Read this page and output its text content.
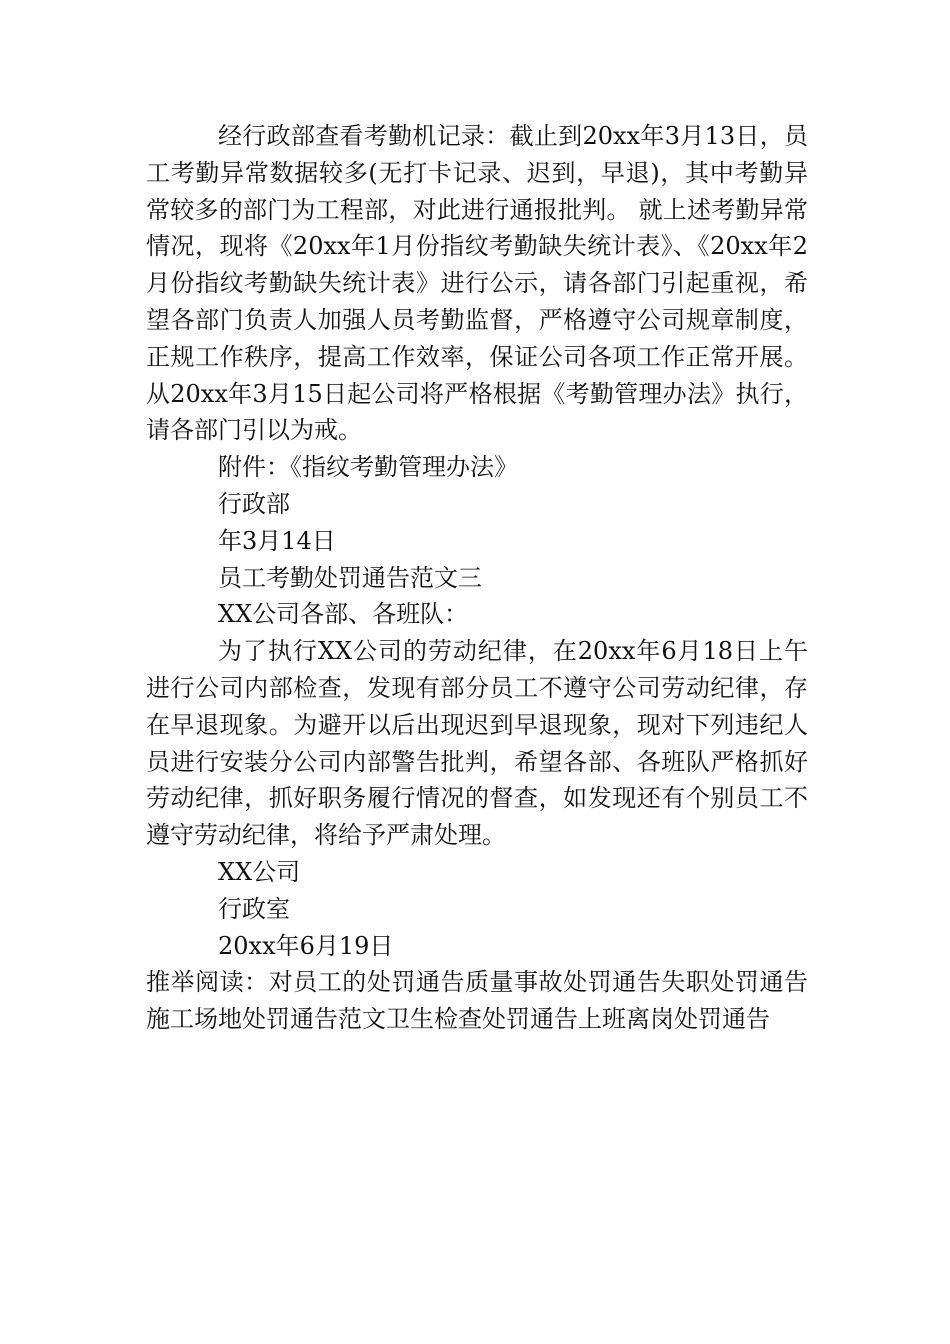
经行政部查看考勤机记录：截止到20xx年3月13日，员工考勤异常数据较多(无打卡记录、迟到，早退)，其中考勤异常较多的部门为工程部，对此进行通报批判。 就上述考勤异常情况，现将《20xx年1月份指纹考勤缺失统计表》、《20xx年2月份指纹考勤缺失统计表》进行公示，请各部门引起重视，希望各部门负责人加强人员考勤监督，严格遵守公司规章制度，正规工作秩序，提高工作效率，保证公司各项工作正常开展。从20xx年3月15日起公司将严格根据《考勤管理办法》执行，请各部门引以为戒。

附件：《指纹考勤管理办法》

行政部

年3月14日

员工考勤处罚通告范文三

XX公司各部、各班队：

为了执行XX公司的劳动纪律，在20xx年6月18日上午进行公司内部检查，发现有部分员工不遵守公司劳动纪律，存在早退现象。为避开以后出现迟到早退现象，现对下列违纪人员进行安装分公司内部警告批判，希望各部、各班队严格抓好劳动纪律，抓好职务履行情况的督查，如发现还有个别员工不遵守劳动纪律，将给予严肃处理。

XX公司

行政室

20xx年6月19日

推举阅读：对员工的处罚通告质量事故处罚通告失职处罚通告施工场地处罚通告范文卫生检查处罚通告上班离岗处罚通告
